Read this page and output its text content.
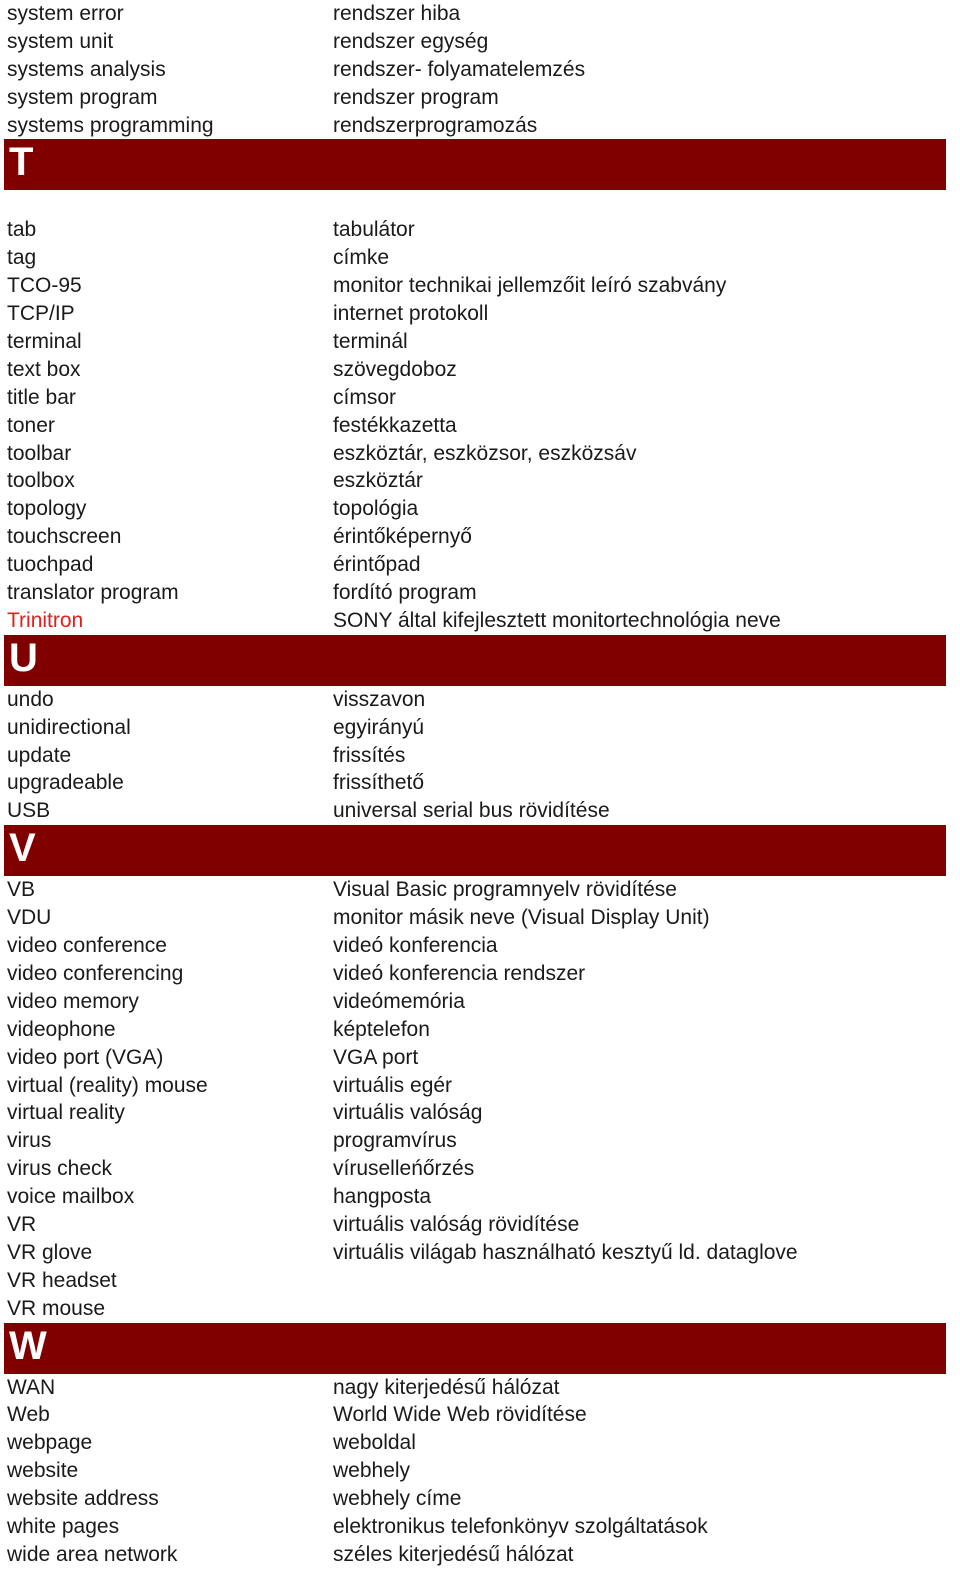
system error	rendszer hiba
system unit	rendszer egység
systems analysis	rendszer- folyamatelemzés
system program	rendszer program
systems programming	rendszerprogramozás
T
tab	tabulátor
tag	címke
TCO-95	monitor technikai jellemzőit leíró szabvány
TCP/IP	internet protokoll
terminal	terminál
text box	szövegdoboz
title bar	címsor
toner	festékkazetta
toolbar	eszköztár, eszközsor, eszközsáv
toolbox	eszköztár
topology	topológia
touchscreen	érintőképernyő
tuochpad	érintőpad
translator program	fordító program
Trinitron	SONY által kifejlesztett monitortechnológia neve
U
undo	visszavon
unidirectional	egyirányú
update	frissítés
upgradeable	frissíthető
USB	universal serial bus rövidítése
V
VB	Visual Basic programnyelv rövidítése
VDU	monitor másik neve (Visual Display Unit)
video conference	videó konferencia
video conferencing	videó konferencia rendszer
video memory	videómemória
videophone	képtelefon
video port (VGA)	VGA port
virtual (reality) mouse	virtuális egér
virtual reality	virtuális valóság
virus	programvírus
virus check	víruselleńőrzés
voice mailbox	hangposta
VR	virtuális valóság rövidítése
VR glove	virtuális világab használható kesztyű ld. dataglove
VR headset
VR mouse
W
WAN	nagy kiterjedésű hálózat
Web	World Wide Web rövidítése
webpage	weboldal
website	webhely
website address	webhely címe
white pages	elektronikus telefonkönyv szolgáltatások
wide area network	széles kiterjedésű hálózat
